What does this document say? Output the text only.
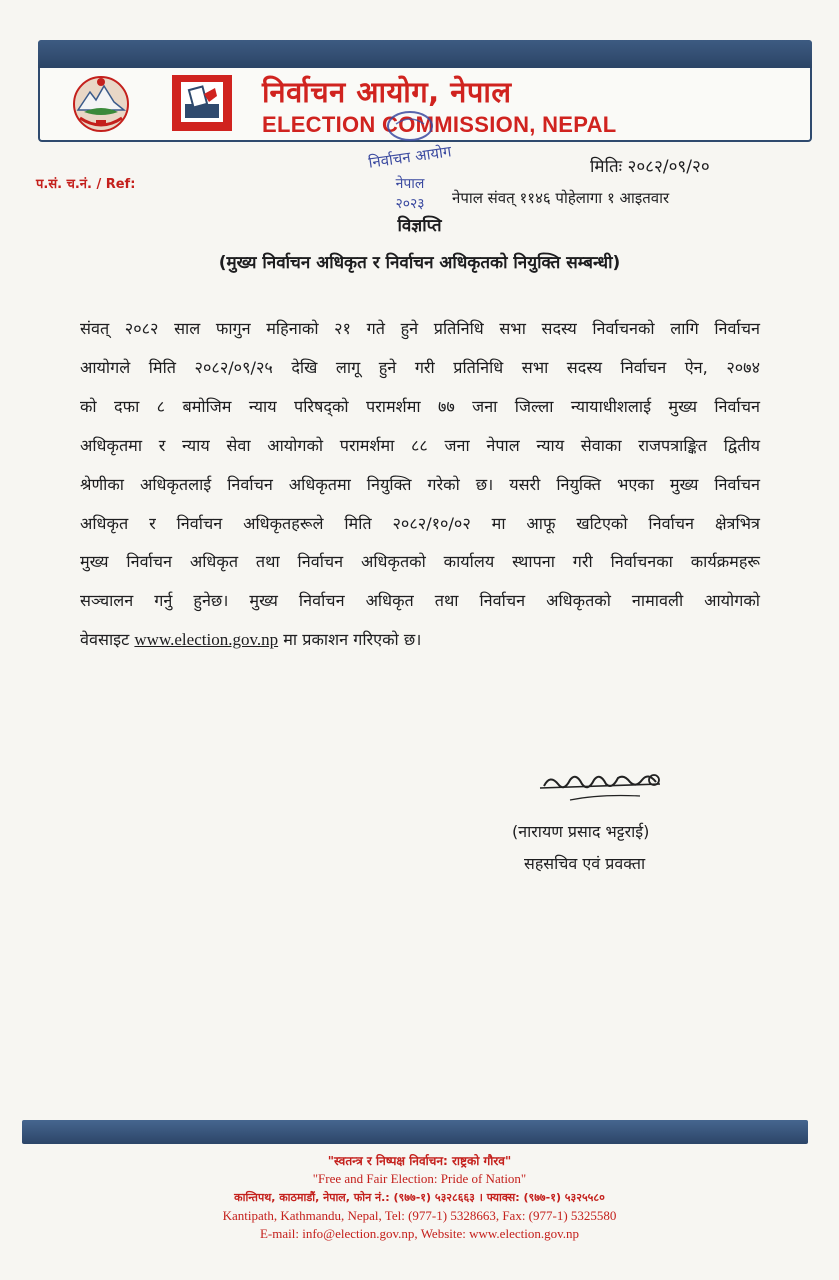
निर्वाचन आयोग, नेपाल
ELECTION COMMISSION, NEPAL
निर्वाचन आयोग
नेपाल
२०२३
प.सं. च.नं. / Ref:
मितिः २०८२/०९/२०
नेपाल संवत् ११४६ पोहेलागा १ आइतवार
विज्ञप्ति
(मुख्य निर्वाचन अधिकृत र निर्वाचन अधिकृतको नियुक्ति सम्बन्धी)
संवत् २०८२ साल फागुन महिनाको २१ गते हुने प्रतिनिधि सभा सदस्य निर्वाचनको लागि निर्वाचन
आयोगले मिति २०८२/०९/२५ देखि लागू हुने गरी प्रतिनिधि सभा सदस्य निर्वाचन ऐन, २०७४
को दफा ८ बमोजिम न्याय परिषद्को परामर्शमा ७७ जना जिल्ला न्यायाधीशलाई मुख्य निर्वाचन
अधिकृतमा र न्याय सेवा आयोगको परामर्शमा ८८ जना नेपाल न्याय सेवाका राजपत्राङ्कित द्वितीय
श्रेणीका अधिकृतलाई निर्वाचन अधिकृतमा नियुक्ति गरेको छ। यसरी नियुक्ति भएका मुख्य निर्वाचन
अधिकृत र निर्वाचन अधिकृतहरूले मिति २०८२/१०/०२ मा आफू खटिएको निर्वाचन क्षेत्रभित्र
मुख्य निर्वाचन अधिकृत तथा निर्वाचन अधिकृतको कार्यालय स्थापना गरी निर्वाचनका कार्यक्रमहरू
सञ्चालन गर्नु हुनेछ। मुख्य निर्वाचन अधिकृत तथा निर्वाचन अधिकृतको नामावली आयोगको
वेवसाइट www.election.gov.np मा प्रकाशन गरिएको छ।
(नारायण प्रसाद भट्टराई)
सहसचिव एवं प्रवक्ता
"स्वतन्त्र र निष्पक्ष निर्वाचन: राष्ट्रको गौरव"
"Free and Fair Election: Pride of Nation"
कान्तिपथ, काठमाडौं, नेपाल, फोन नं.: (९७७-१) ५३२८६६३ । फ्याक्स: (९७७-१) ५३२५५८०
Kantipath, Kathmandu, Nepal, Tel: (977-1) 5328663, Fax: (977-1) 5325580
E-mail: info@election.gov.np, Website: www.election.gov.np
